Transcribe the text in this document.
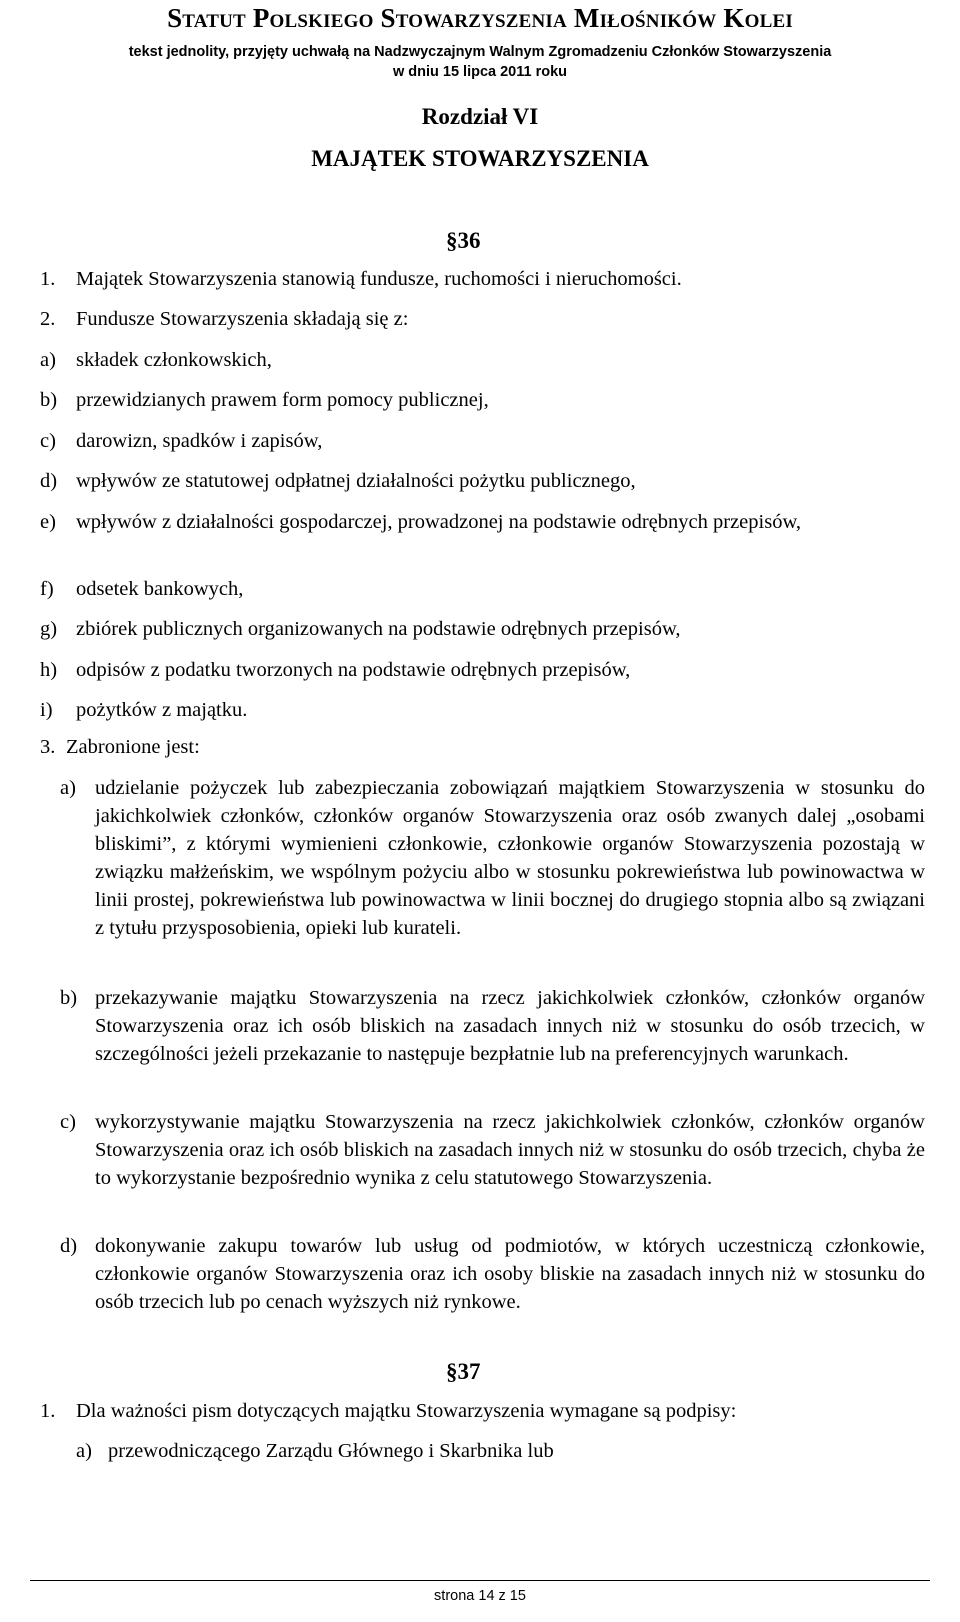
Statut Polskiego Stowarzyszenia Miłośników Kolei
tekst jednolity, przyjęty uchwałą na Nadzwyczajnym Walnym Zgromadzeniu Członków Stowarzyszenia
w dniu 15 lipca 2011 roku
Rozdział VI
MAJĄTEK STOWARZYSZENIA
§36
1. Majątek Stowarzyszenia stanowią fundusze, ruchomości i nieruchomości.
2. Fundusze Stowarzyszenia składają się z:
a) składek członkowskich,
b) przewidzianych prawem form pomocy publicznej,
c) darowizn, spadków i zapisów,
d) wpływów ze statutowej odpłatnej działalności pożytku publicznego,
e) wpływów z działalności gospodarczej, prowadzonej na podstawie odrębnych przepisów,
f) odsetek bankowych,
g) zbiórek publicznych organizowanych na podstawie odrębnych przepisów,
h) odpisów z podatku tworzonych na podstawie odrębnych przepisów,
i) pożytków z majątku.
3. Zabronione jest:
a) udzielanie pożyczek lub zabezpieczania zobowiązań majątkiem Stowarzyszenia w stosunku do jakichkolwiek członków, członków organów Stowarzyszenia oraz osób zwanych dalej „osobami bliskimi”, z którymi wymienieni członkowie, członkowie organów Stowarzyszenia pozostają w związku małżeńskim, we wspólnym pożyciu albo w stosunku pokrewieństwa lub powinowactwa w linii prostej, pokrewieństwa lub powinowactwa w linii bocznej do drugiego stopnia albo są związani z tytułu przysposobienia, opieki lub kurateli.
b) przekazywanie majątku Stowarzyszenia na rzecz jakichkolwiek członków, członków organów Stowarzyszenia oraz ich osób bliskich na zasadach innych niż w stosunku do osób trzecich, w szczególności jeżeli przekazanie to następuje bezpłatnie lub na preferencyjnych warunkach.
c) wykorzystywanie majątku Stowarzyszenia na rzecz jakichkolwiek członków, członków organów Stowarzyszenia oraz ich osób bliskich na zasadach innych niż w stosunku do osób trzecich, chyba że to wykorzystanie bezpośrednio wynika z celu statutowego Stowarzyszenia.
d) dokonywanie zakupu towarów lub usług od podmiotów, w których uczestniczą członkowie, członkowie organów Stowarzyszenia oraz ich osoby bliskie na zasadach innych niż w stosunku do osób trzecich lub po cenach wyższych niż rynkowe.
§37
1. Dla ważności pism dotyczących majątku Stowarzyszenia wymagane są podpisy:
a) przewodniczącego Zarządu Głównego i Skarbnika lub
strona 14 z 15
